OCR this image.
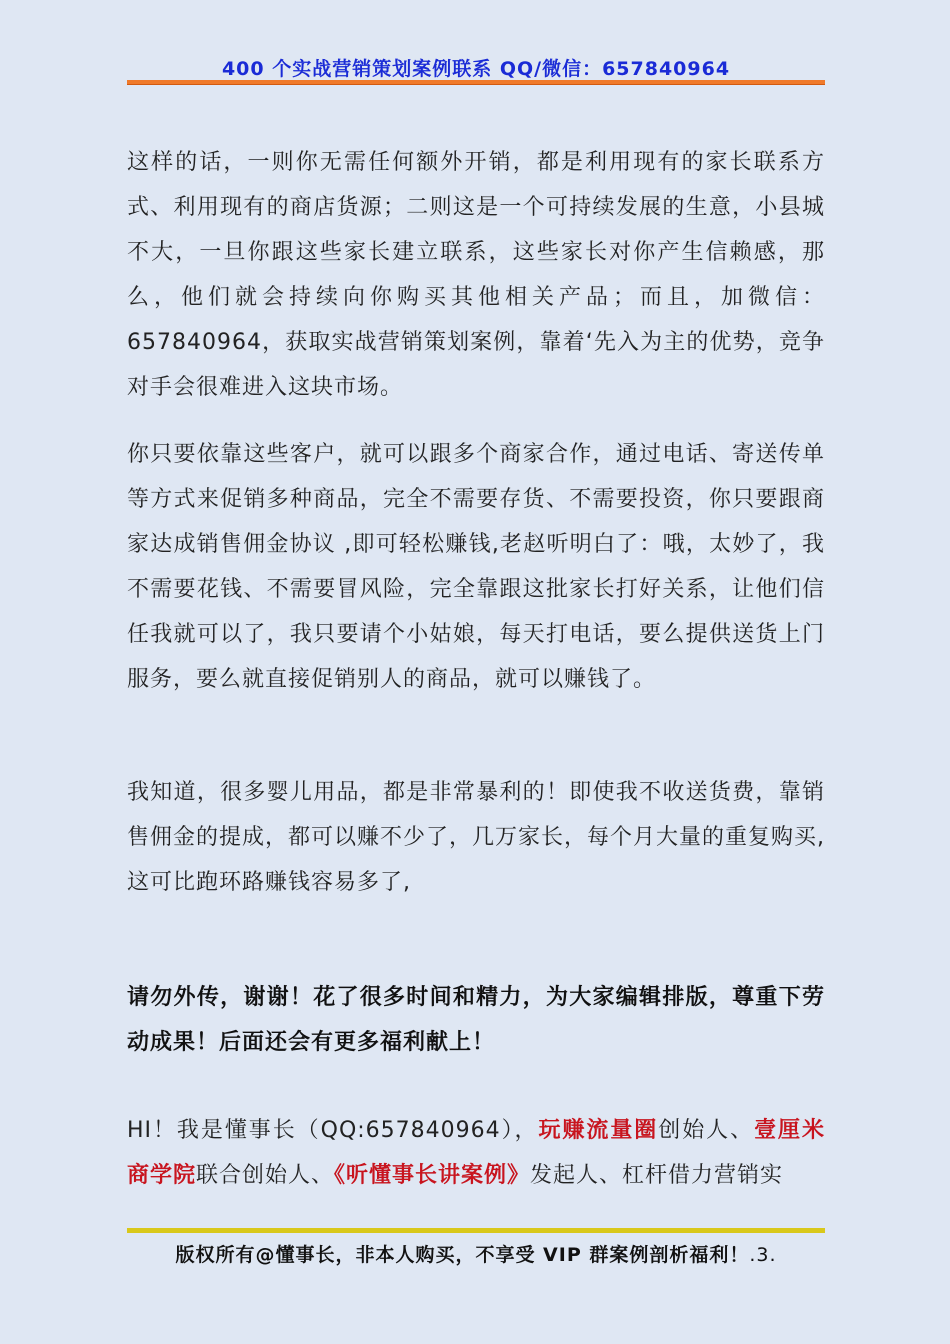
400 个实战营销策划案例联系 QQ/微信：657840964

这样的话，一则你无需任何额外开销，都是利用现有的家长联系方式、利用现有的商店货源；二则这是一个可持续发展的生意，小县城不大，一旦你跟这些家长建立联系，这些家长对你产生信赖感，那么，他们就会持续向你购买其他相关产品；而且，加微信：657840964，获取实战营销策划案例，靠着‘先入为主的优势，竞争对手会很难进入这块市场。

你只要依靠这些客户，就可以跟多个商家合作，通过电话、寄送传单等方式来促销多种商品，完全不需要存货、不需要投资，你只要跟商家达成销售佣金协议 ,即可轻松赚钱,老赵听明白了：哦，太妙了，我不需要花钱、不需要冒风险，完全靠跟这批家长打好关系，让他们信任我就可以了，我只要请个小姑娘，每天打电话，要么提供送货上门服务，要么就直接促销别人的商品，就可以赚钱了。

我知道，很多婴儿用品，都是非常暴利的！即使我不收送货费，靠销售佣金的提成，都可以赚不少了，几万家长，每个月大量的重复购买,这可比跑环路赚钱容易多了,

请勿外传，谢谢！花了很多时间和精力，为大家编辑排版，尊重下劳动成果！后面还会有更多福利献上！

HI！我是懂事长（QQ:657840964），玩赚流量圈创始人、壹厘米商学院联合创始人、《听懂事长讲案例》发起人、杠杆借力营销实

版权所有@懂事长，非本人购买，不享受 VIP 群案例剖析福利！.3.
